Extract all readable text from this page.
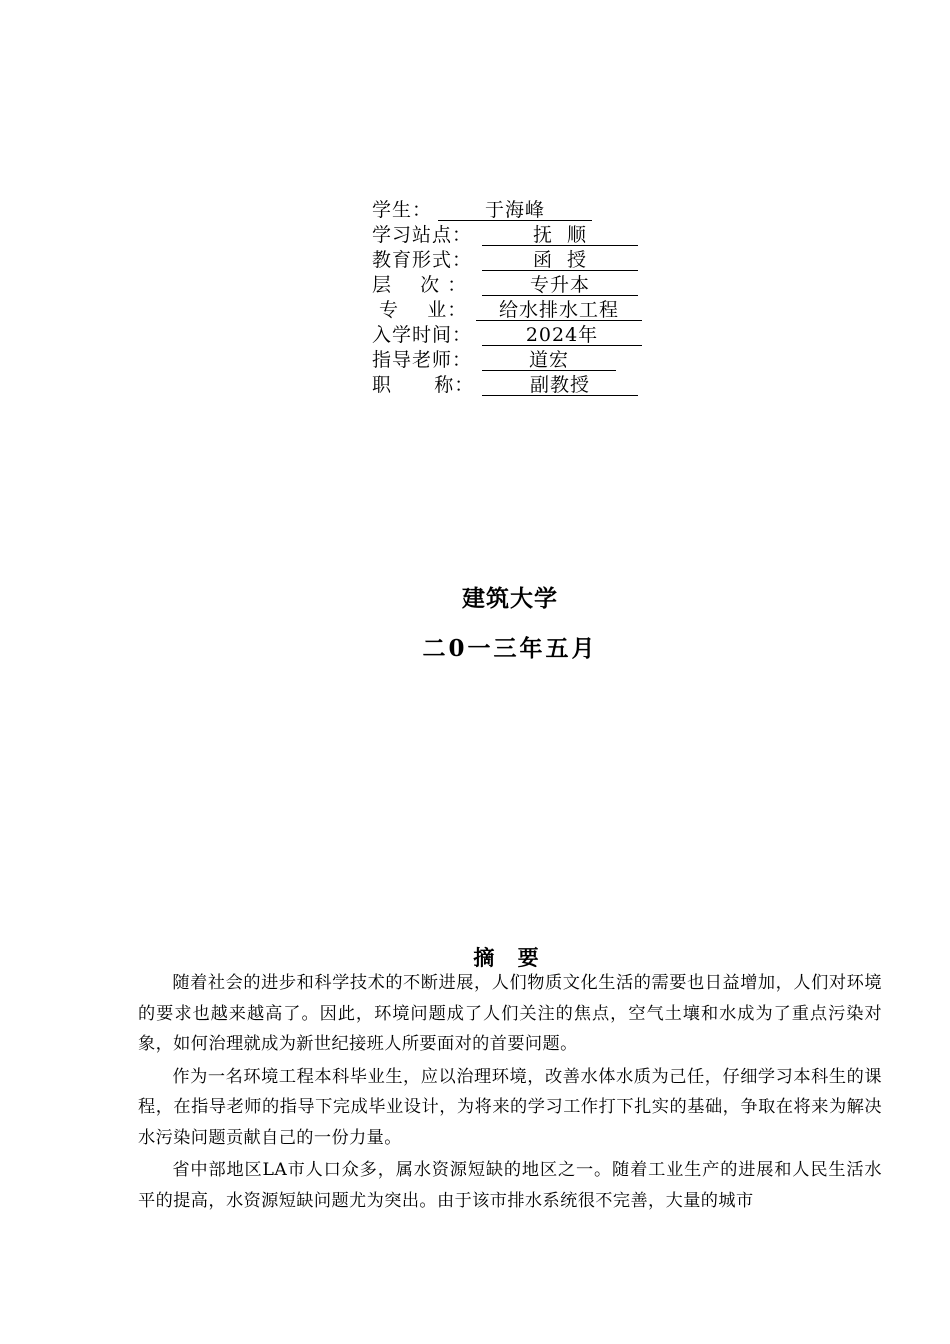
学生：	于海峰
学习站点：	抚  顺
教育形式：	函  授
层    次 ：	专升本
专    业：	给水排水工程
入学时间：	2024年
指导老师：	道宏
职      称：	副教授
建筑大学
二0一三年五月
摘 要

随着社会的进步和科学技术的不断进展，人们物质文化生活的需要也日益增加，人们对环境的要求也越来越高了。因此，环境问题成了人们关注的焦点，空气土壤和水成为了重点污染对象，如何治理就成为新世纪接班人所要面对的首要问题。

作为一名环境工程本科毕业生，应以治理环境，改善水体水质为己任，仔细学习本科生的课程，在指导老师的指导下完成毕业设计，为将来的学习工作打下扎实的基础，争取在将来为解决水污染问题贡献自己的一份力量。

省中部地区LA市人口众多，属水资源短缺的地区之一。随着工业生产的进展和人民生活水平的提高，水资源短缺问题尤为突出。由于该市排水系统很不完善，大量的城市
